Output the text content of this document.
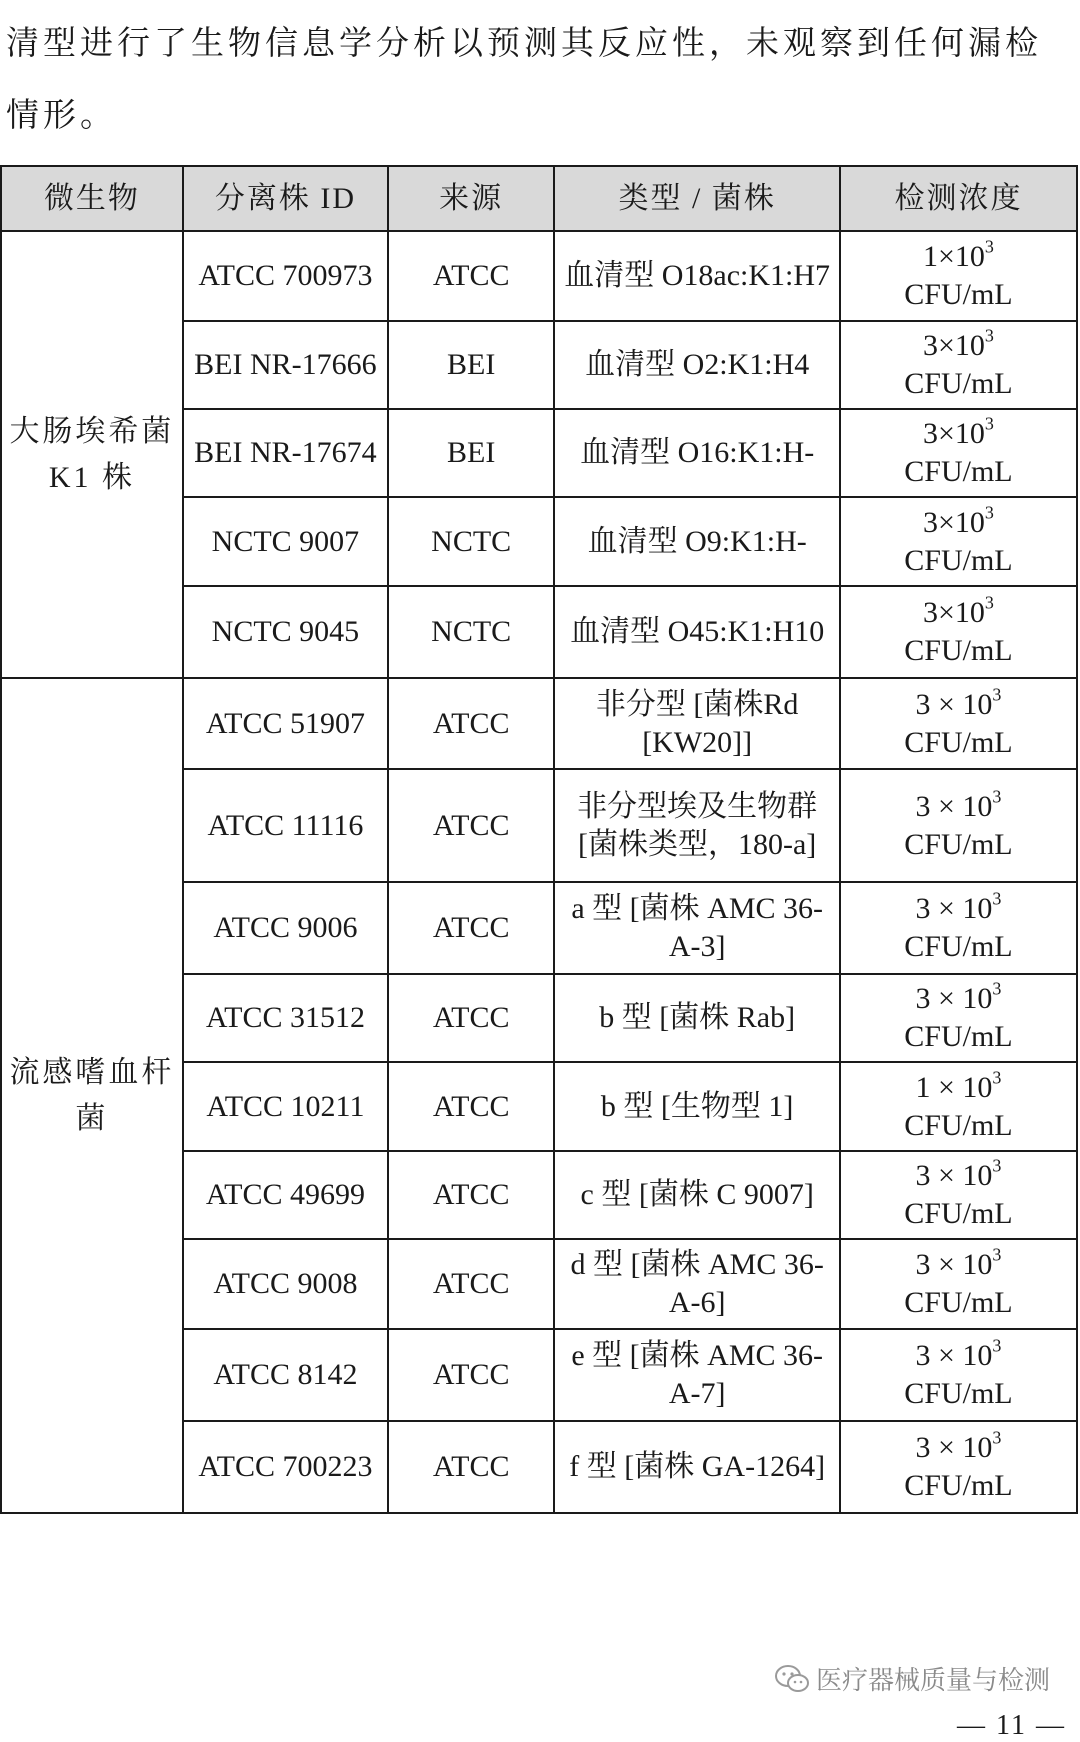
清型进行了生物信息学分析以预测其反应性，未观察到任何漏检
情形。

微生物	分离株 ID	来源	类型 / 菌株	检测浓度
大肠埃希菌 K1 株	ATCC 700973	ATCC	血清型 O18ac:K1:H7	$1\times 10^3$
CFU/mL
	BEI NR-17666	BEI	血清型 O2:K1:H4	$3\times 10^3$
CFU/mL
	BEI NR-17674	BEI	血清型 O16:K1:H-	$3\times 10^3$
CFU/mL
	NCTC 9007	NCTC	血清型 O9:K1:H-	$3\times 10^3$
CFU/mL
	NCTC 9045	NCTC	血清型 O45:K1:H10	$3\times 10^3$
CFU/mL
流感嗜血杆菌	ATCC 51907	ATCC	非分型 [菌株Rd [KW20]]	$3 \times 10^3$
CFU/mL
	ATCC 11116	ATCC	非分型埃及生物群 [菌株类型，180-a]	$3 \times 10^3$
CFU/mL
	ATCC 9006	ATCC	a 型 [菌株 AMC 36-A-3]	$3 \times 10^3$
CFU/mL
	ATCC 31512	ATCC	b 型 [菌株 Rab]	$3 \times 10^3$
CFU/mL
	ATCC 10211	ATCC	b 型 [生物型 1]	$1 \times 10^3$
CFU/mL
	ATCC 49699	ATCC	c 型 [菌株 C 9007]	$3 \times 10^3$
CFU/mL
	ATCC 9008	ATCC	d 型 [菌株 AMC 36-A-6]	$3 \times 10^3$
CFU/mL
	ATCC 8142	ATCC	e 型 [菌株 AMC 36-A-7]	$3 \times 10^3$
CFU/mL
	ATCC 700223	ATCC	f 型 [菌株 GA-1264]	$3 \times 10^3$
CFU/mL
医疗器械质量与检测
— 11 —
